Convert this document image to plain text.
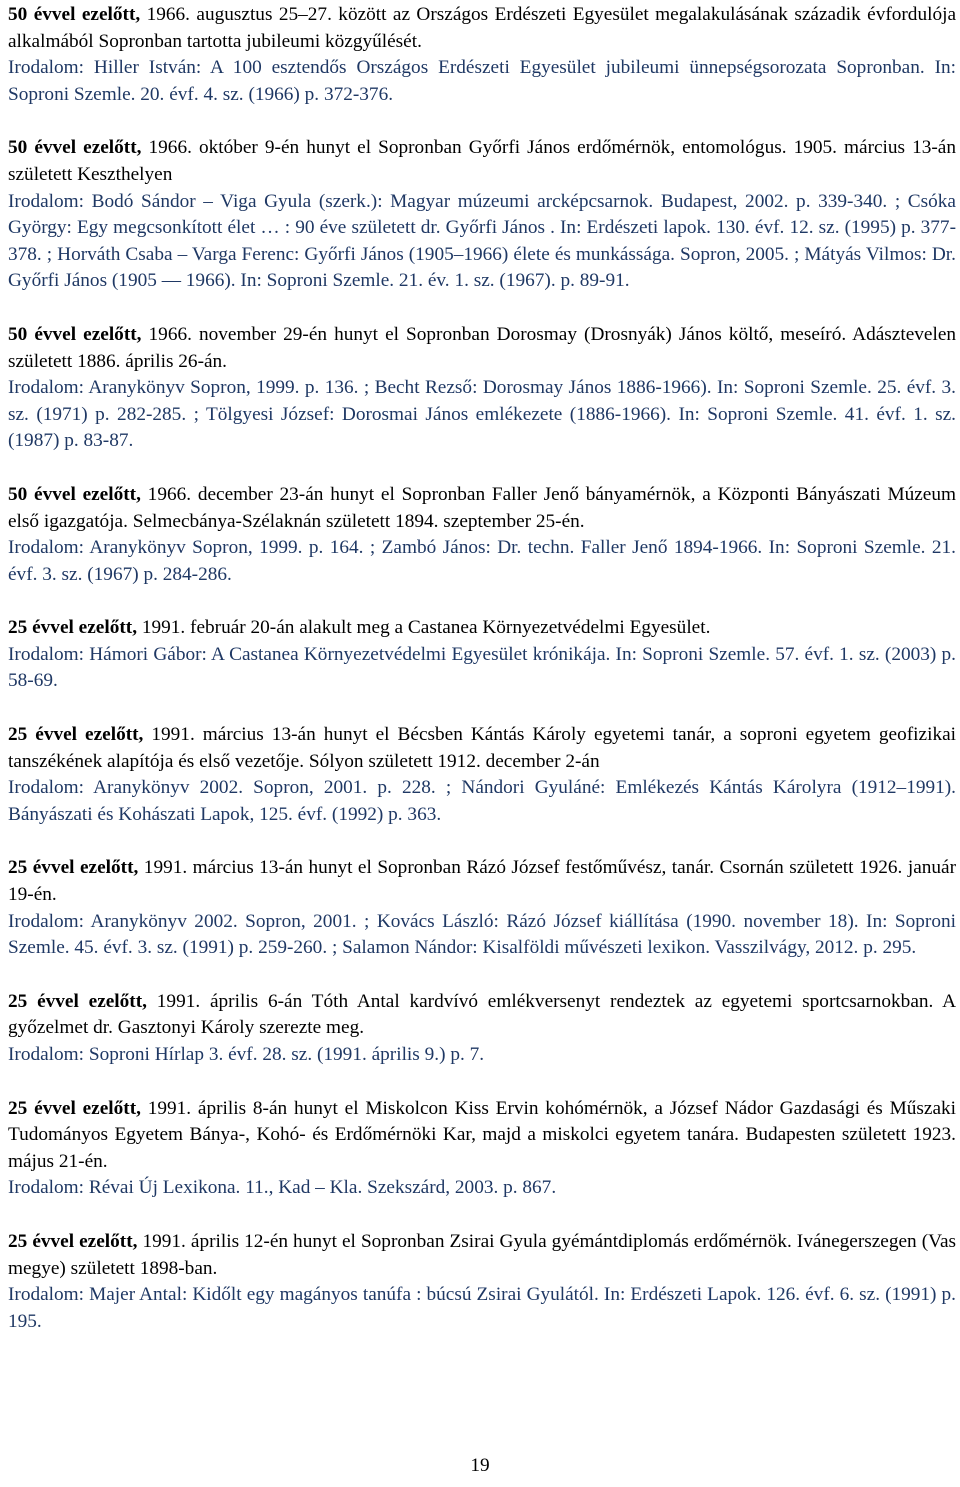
50 évvel ezelőtt, 1966. augusztus 25–27. között az Országos Erdészeti Egyesület megalakulásának századik évfordulója alkalmából Sopronban tartotta jubileumi közgyűlését.

Irodalom: Hiller István: A 100 esztendős Országos Erdészeti Egyesület jubileumi ünnepségsorozata Sopronban. In: Soproni Szemle. 20. évf. 4. sz. (1966) p. 372-376.

50 évvel ezelőtt, 1966. október 9-én hunyt el Sopronban Győrfi János erdőmérnök, entomológus. 1905. március 13-án született Keszthelyen

Irodalom: Bodó Sándor – Viga Gyula (szerk.): Magyar múzeumi arcképcsarnok. Budapest, 2002. p. 339-340. ; Csóka György: Egy megcsonkított élet … : 90 éve született dr. Győrfi János . In: Erdészeti lapok. 130. évf. 12. sz. (1995) p. 377-378. ; Horváth Csaba – Varga Ferenc: Győrfi János (1905–1966) élete és munkássága. Sopron, 2005. ; Mátyás Vilmos: Dr. Győrfi János (1905 — 1966). In: Soproni Szemle. 21. év. 1. sz. (1967). p. 89-91.

50 évvel ezelőtt, 1966. november 29-én hunyt el Sopronban Dorosmay (Drosnyák) János költő, meseíró. Adásztevelen született 1886. április 26-án.

Irodalom: Aranykönyv Sopron, 1999. p. 136. ; Becht Rezső: Dorosmay János 1886-1966). In: Soproni Szemle. 25. évf. 3. sz. (1971) p. 282-285. ; Tölgyesi József: Dorosmai János emlékezete (1886-1966). In: Soproni Szemle. 41. évf. 1. sz. (1987) p. 83-87.

50 évvel ezelőtt, 1966. december 23-án hunyt el Sopronban Faller Jenő bányamérnök, a Központi Bányászati Múzeum első igazgatója. Selmecbánya-Szélaknán született 1894. szeptember 25-én.

Irodalom: Aranykönyv Sopron, 1999. p. 164. ; Zambó János: Dr. techn. Faller Jenő 1894-1966. In: Soproni Szemle. 21. évf. 3. sz. (1967) p. 284-286.

25 évvel ezelőtt, 1991. február 20-án alakult meg a Castanea Környezetvédelmi Egyesület.

Irodalom: Hámori Gábor: A Castanea Környezetvédelmi Egyesület krónikája. In: Soproni Szemle. 57. évf. 1. sz. (2003) p. 58-69.

25 évvel ezelőtt, 1991. március 13-án hunyt el Bécsben Kántás Károly egyetemi tanár, a soproni egyetem geofizikai tanszékének alapítója és első vezetője. Sólyon született 1912. december 2-án

Irodalom: Aranykönyv 2002. Sopron, 2001. p. 228. ; Nándori Gyuláné: Emlékezés Kántás Károlyra (1912–1991). Bányászati és Kohászati Lapok, 125. évf. (1992) p. 363.

25 évvel ezelőtt, 1991. március 13-án hunyt el Sopronban Rázó József festőművész, tanár. Csornán született 1926. január 19-én.

Irodalom: Aranykönyv 2002. Sopron, 2001. ; Kovács László: Rázó József kiállítása (1990. november 18). In: Soproni Szemle. 45. évf. 3. sz. (1991) p. 259-260. ; Salamon Nándor: Kisalföldi művészeti lexikon. Vasszilvágy, 2012. p. 295.

25 évvel ezelőtt, 1991. április 6-án Tóth Antal kardvívó emlékversenyt rendeztek az egyetemi sportcsarnokban. A győzelmet dr. Gasztonyi Károly szerezte meg.

Irodalom: Soproni Hírlap 3. évf. 28. sz. (1991. április 9.) p. 7.

25 évvel ezelőtt, 1991. április 8-án hunyt el Miskolcon Kiss Ervin kohómérnök, a József Nádor Gazdasági és Műszaki Tudományos Egyetem Bánya-, Kohó- és Erdőmérnöki Kar, majd a miskolci egyetem tanára. Budapesten született 1923. május 21-én.

Irodalom: Révai Új Lexikona. 11., Kad – Kla. Szekszárd, 2003. p. 867.

25 évvel ezelőtt, 1991. április 12-én hunyt el Sopronban Zsirai Gyula gyémántdiplomás erdőmérnök. Ivánegerszegen (Vas megye) született 1898-ban.

Irodalom: Majer Antal: Kidőlt egy magányos tanúfa : búcsú Zsirai Gyulától. In: Erdészeti Lapok. 126. évf. 6. sz. (1991) p. 195.

19
